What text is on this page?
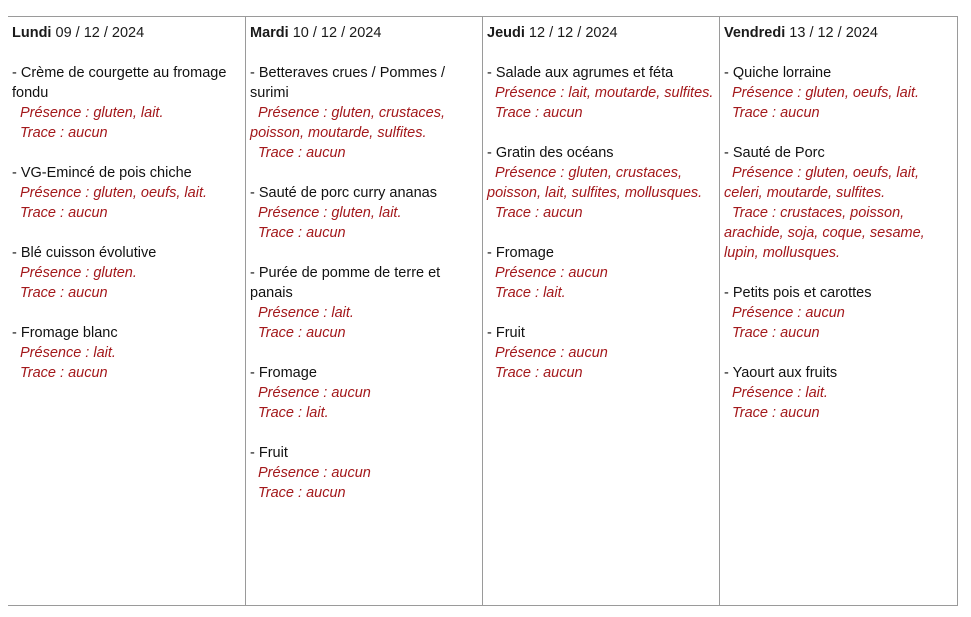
Lundi 09 / 12 / 2024
- Crème de courgette au fromage fondu
Présence : gluten, lait.
Trace : aucun
- VG-Emincé de pois chiche
Présence : gluten, oeufs, lait.
Trace : aucun
- Blé cuisson évolutive
Présence : gluten.
Trace : aucun
- Fromage blanc
Présence : lait.
Trace : aucun
Mardi 10 / 12 / 2024
- Betteraves crues / Pommes / surimi
Présence : gluten, crustaces, poisson, moutarde, sulfites.
Trace : aucun
- Sauté de porc curry ananas
Présence : gluten, lait.
Trace : aucun
- Purée de pomme de terre et panais
Présence : lait.
Trace : aucun
- Fromage
Présence : aucun
Trace : lait.
- Fruit
Présence : aucun
Trace : aucun
Jeudi 12 / 12 / 2024
- Salade aux agrumes et féta
Présence : lait, moutarde, sulfites.
Trace : aucun
- Gratin des océans
Présence : gluten, crustaces, poisson, lait, sulfites, mollusques.
Trace : aucun
- Fromage
Présence : aucun
Trace : lait.
- Fruit
Présence : aucun
Trace : aucun
Vendredi 13 / 12 / 2024
- Quiche lorraine
Présence : gluten, oeufs, lait.
Trace : aucun
- Sauté de Porc
Présence : gluten, oeufs, lait, celeri, moutarde, sulfites.
Trace : crustaces, poisson, arachide, soja, coque, sesame, lupin, mollusques.
- Petits pois et carottes
Présence : aucun
Trace : aucun
- Yaourt aux fruits
Présence : lait.
Trace : aucun
